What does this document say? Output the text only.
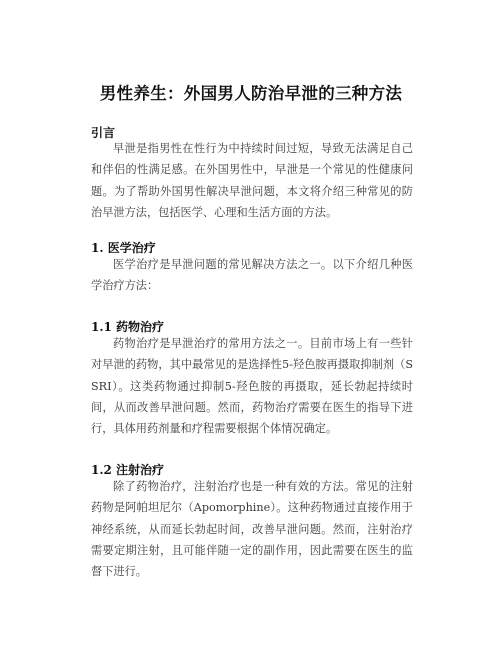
男性养生：外国男人防治早泄的三种方法
引言

早泄是指男性在性行为中持续时间过短，导致无法满足自己和伴侣的性满足感。在外国男性中，早泄是一个常见的性健康问题。为了帮助外国男性解决早泄问题，本文将介绍三种常见的防治早泄方法，包括医学、心理和生活方面的方法。

1. 医学治疗

医学治疗是早泄问题的常见解决方法之一。以下介绍几种医学治疗方法：

1.1 药物治疗

药物治疗是早泄治疗的常用方法之一。目前市场上有一些针对早泄的药物，其中最常见的是选择性5-羟色胺再摄取抑制剂（SSRI）。这类药物通过抑制5-羟色胺的再摄取，延长勃起持续时间，从而改善早泄问题。然而，药物治疗需要在医生的指导下进行，具体用药剂量和疗程需要根据个体情况确定。

1.2 注射治疗

除了药物治疗，注射治疗也是一种有效的方法。常见的注射药物是阿帕坦尼尔（Apomorphine）。这种药物通过直接作用于神经系统，从而延长勃起时间，改善早泄问题。然而，注射治疗需要定期注射，且可能伴随一定的副作用，因此需要在医生的监督下进行。
